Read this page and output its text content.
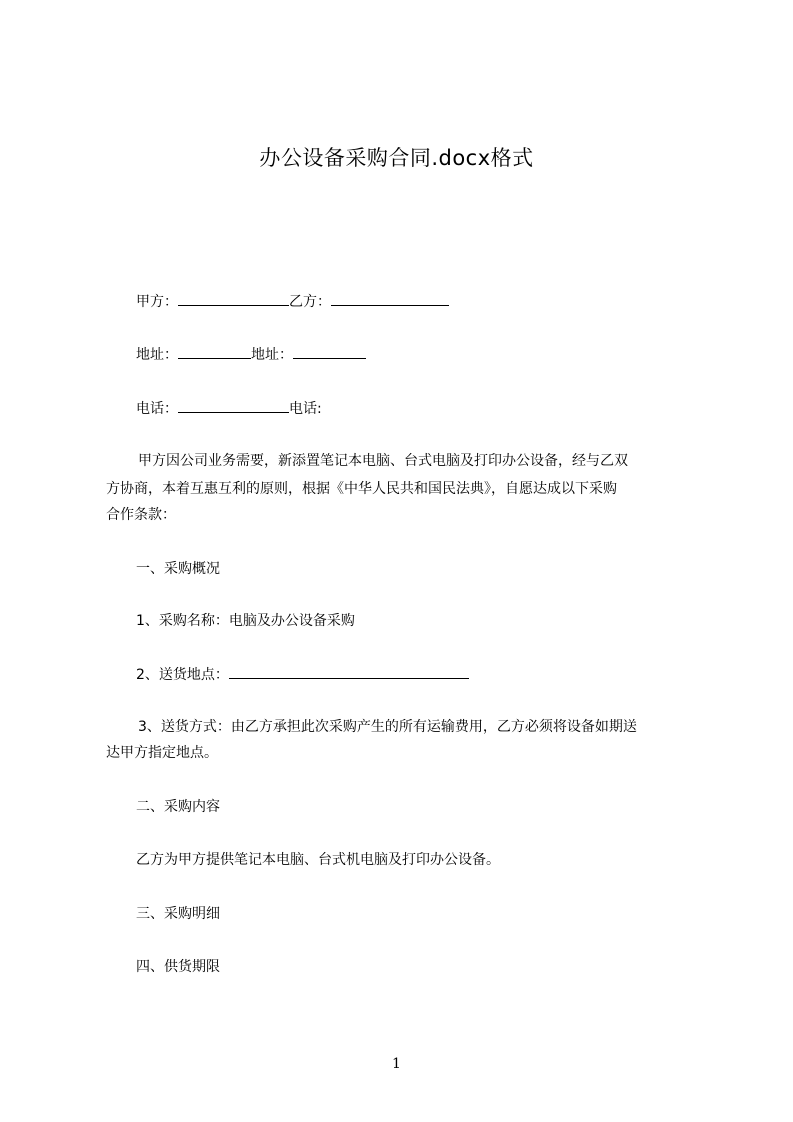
办公设备采购合同.docx格式
甲方：	乙方：
地址：	地址：
电话：	电话:
甲方因公司业务需要，新添置笔记本电脑、台式电脑及打印办公设备，经与乙双
方协商，本着互惠互利的原则，根据《中华人民共和国民法典》，自愿达成以下采购
合作条款：
一、采购概况
1、采购名称：电脑及办公设备采购
2、送货地点：
3、送货方式：由乙方承担此次采购产生的所有运输费用，乙方必须将设备如期送
达甲方指定地点。
二、采购内容
乙方为甲方提供笔记本电脑、台式机电脑及打印办公设备。
三、采购明细
四、供货期限
1
